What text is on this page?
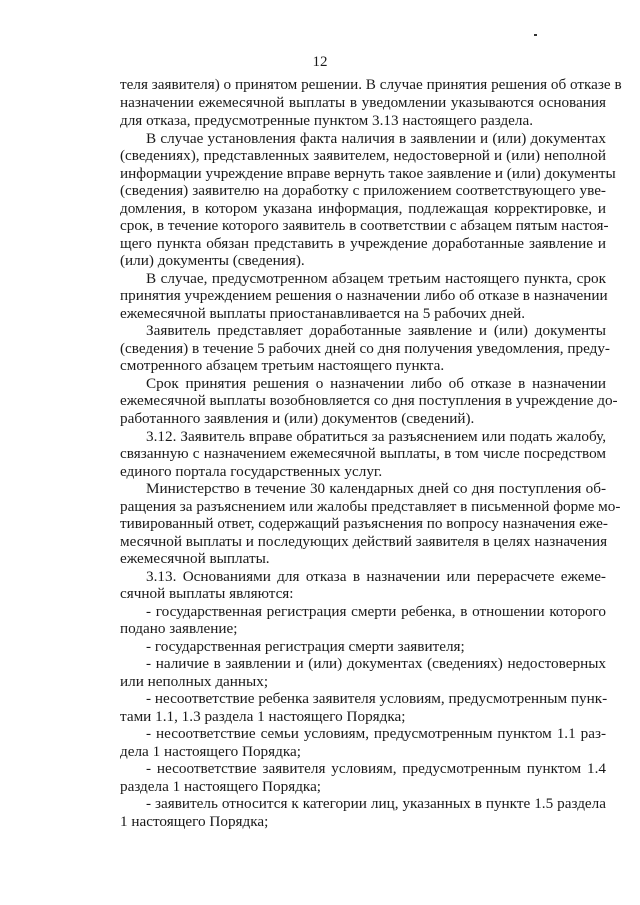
12
теля заявителя) о принятом решении. В случае принятия решения об отказе в
назначении ежемесячной выплаты в уведомлении указываются основания
для отказа, предусмотренные пунктом 3.13 настоящего раздела.
В случае установления факта наличия в заявлении и (или) документах
(сведениях), представленных заявителем, недостоверной и (или) неполной
информации учреждение вправе вернуть такое заявление и (или) документы
(сведения) заявителю на доработку с приложением соответствующего уве-
домления, в котором указана информация, подлежащая корректировке, и
срок, в течение которого заявитель в соответствии с абзацем пятым настоя-
щего пункта обязан представить в учреждение доработанные заявление и
(или) документы (сведения).
В случае, предусмотренном абзацем третьим настоящего пункта, срок
принятия учреждением решения о назначении либо об отказе в назначении
ежемесячной выплаты приостанавливается на 5 рабочих дней.
Заявитель представляет доработанные заявление и (или) документы
(сведения) в течение 5 рабочих дней со дня получения уведомления, преду-
смотренного абзацем третьим настоящего пункта.
Срок принятия решения о назначении либо об отказе в назначении
ежемесячной выплаты возобновляется со дня поступления в учреждение до-
работанного заявления и (или) документов (сведений).
3.12. Заявитель вправе обратиться за разъяснением или подать жалобу,
связанную с назначением ежемесячной выплаты, в том числе посредством
единого портала государственных услуг.
Министерство в течение 30 календарных дней со дня поступления об-
ращения за разъяснением или жалобы представляет в письменной форме мо-
тивированный ответ, содержащий разъяснения по вопросу назначения еже-
месячной выплаты и последующих действий заявителя в целях назначения
ежемесячной выплаты.
3.13. Основаниями для отказа в назначении или перерасчете ежеме-
сячной выплаты являются:
- государственная регистрация смерти ребенка, в отношении которого
подано заявление;
- государственная регистрация смерти заявителя;
- наличие в заявлении и (или) документах (сведениях) недостоверных
или неполных данных;
- несоответствие ребенка заявителя условиям, предусмотренным пунк-
тами 1.1, 1.3 раздела 1 настоящего Порядка;
- несоответствие семьи условиям, предусмотренным пунктом 1.1 раз-
дела 1 настоящего Порядка;
- несоответствие заявителя условиям, предусмотренным пунктом 1.4
раздела 1 настоящего Порядка;
- заявитель относится к категории лиц, указанных в пункте 1.5 раздела
1 настоящего Порядка;
